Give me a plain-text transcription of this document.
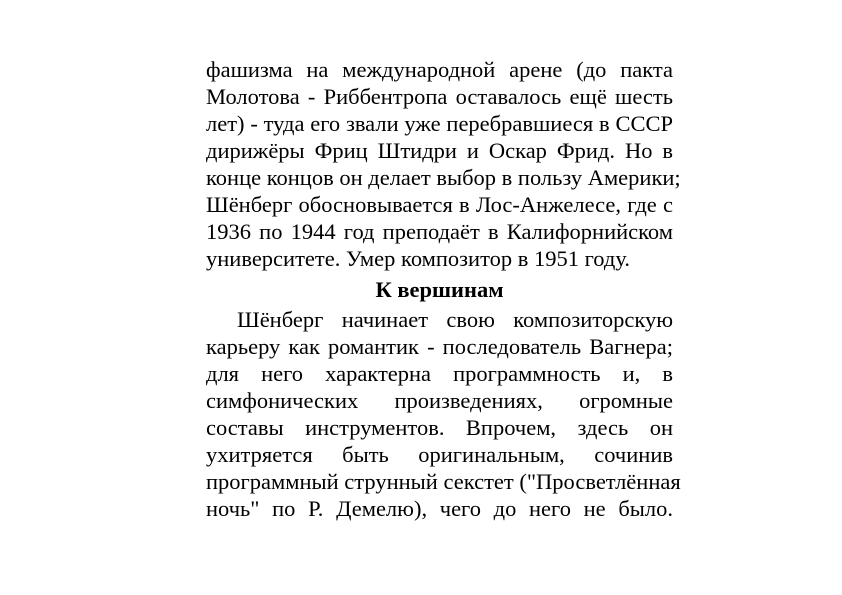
фашизма на международной арене (до пакта
Молотова - Риббентропа оставалось ещё шесть
лет) - туда его звали уже перебравшиеся в СССР
дирижёры Фриц Штидри и Оскар Фрид. Но в
конце концов он делает выбор в пользу Америки;
Шёнберг обосновывается в Лос-Анжелесе, где с
1936 по 1944 год преподаёт в Калифорнийском
университете. Умер композитор в 1951 году.
К вершинам
Шёнберг начинает свою композиторскую
карьеру как романтик - последователь Вагнера;
для него характерна программность и, в
симфонических произведениях, огромные
составы инструментов. Впрочем, здесь он
ухитряется быть оригинальным, сочинив
программный струнный секстет ("Просветлённая
ночь" по Р. Демелю), чего до него не было.
